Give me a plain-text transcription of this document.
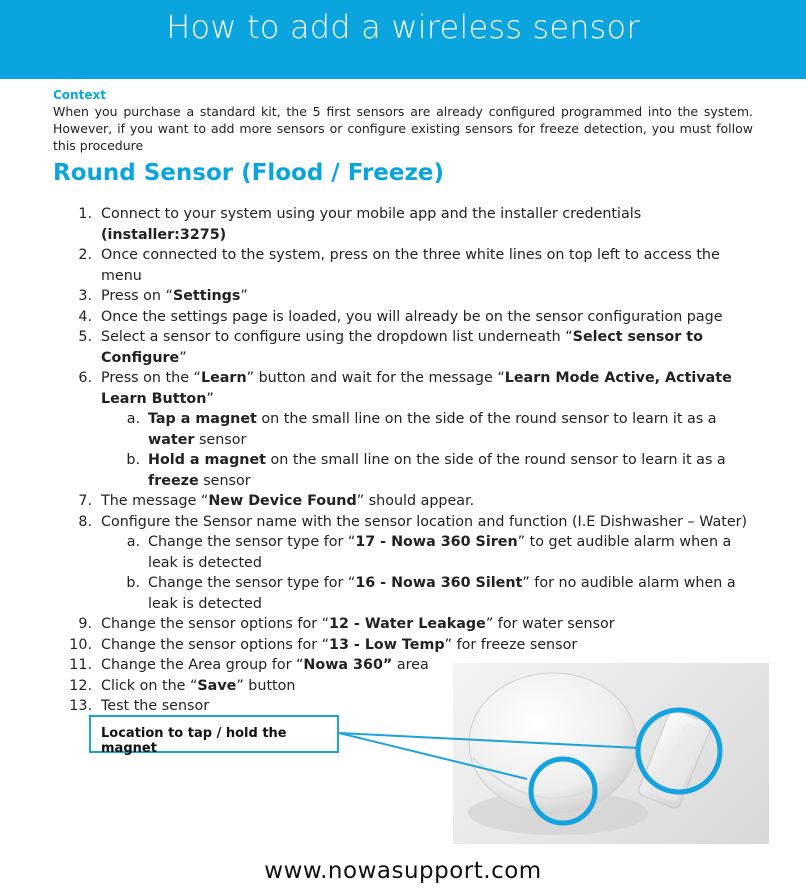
How to add a wireless sensor
Context
When you purchase a standard kit, the 5 first sensors are already configured programmed into the system. However, if you want to add more sensors or configure existing sensors for freeze detection, you must follow this procedure
Round Sensor (Flood / Freeze)
1. Connect to your system using your mobile app and the installer credentials (installer:3275)
2. Once connected to the system, press on the three white lines on top left to access the menu
3. Press on “Settings”
4. Once the settings page is loaded, you will already be on the sensor configuration page
5. Select a sensor to configure using the dropdown list underneath “Select sensor to Configure”
6. Press on the “Learn” button and wait for the message “Learn Mode Active, Activate Learn Button”
a. Tap a magnet on the small line on the side of the round sensor to learn it as a water sensor
b. Hold a magnet on the small line on the side of the round sensor to learn it as a freeze sensor
7. The message “New Device Found” should appear.
8. Configure the Sensor name with the sensor location and function (I.E Dishwasher – Water)
a. Change the sensor type for “17 - Nowa 360 Siren” to get audible alarm when a leak is detected
b. Change the sensor type for “16 - Nowa 360 Silent” for no audible alarm when a leak is detected
9. Change the sensor options for “12 - Water Leakage” for water sensor
10. Change the sensor options for “13 - Low Temp” for freeze sensor
11. Change the Area group for “Nowa 360” area
12. Click on the “Save” button
13. Test the sensor
Location to tap / hold the magnet
www.nowasupport.com
